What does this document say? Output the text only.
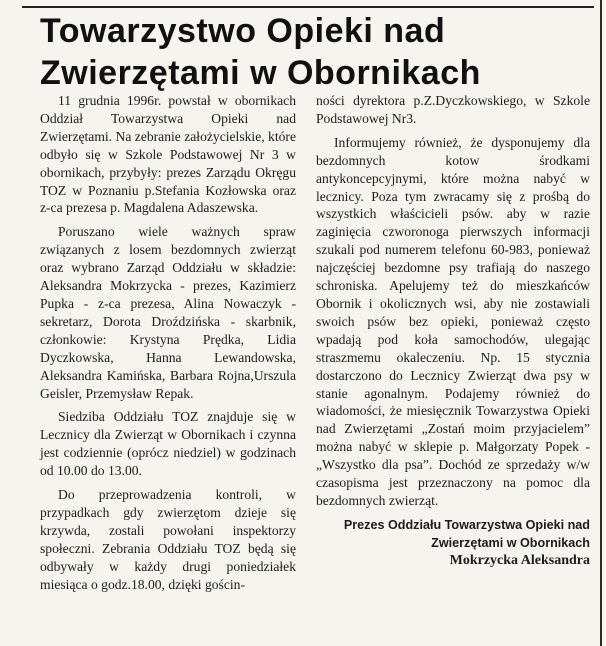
Towarzystwo Opieki nad Zwierzętami w Obornikach

11 grudnia 1996r. powstał w obornikach Oddział Towarzystwa Opieki nad Zwierzętami. Na zebranie założycielskie, które odbyło się w Szkole Podstawowej Nr 3 w obornikach, przybyły: prezes Zarządu Okręgu TOZ w Poznaniu p.Stefania Kozłowska oraz z-ca prezesa p. Magdalena Adaszewska.

Poruszano wiele ważnych spraw związanych z losem bezdomnych zwierząt oraz wybrano Zarząd Oddziału w składzie: Aleksandra Mokrzycka - prezes, Kazimierz Pupka - z-ca prezesa, Alina Nowaczyk - sekretarz, Dorota Droździńska - skarbnik, członkowie: Krystyna Prędka, Lidia Dyczkowska, Hanna Lewandowska, Aleksandra Kamińska, Barbara Rojna,Urszula Geisler, Przemysław Repak.

Siedziba Oddziału TOZ znajduje się w Lecznicy dla Zwierząt w Obornikach i czynna jest codziennie (oprócz niedziel) w godzinach od 10.00 do 13.00.

Do przeprowadzenia kontroli, w przypadkach gdy zwierzętom dzieje się krzywda, zostali powołani inspektorzy społeczni. Zebrania Oddziału TOZ będą się odbywały w każdy drugi poniedziałek miesiąca o godz.18.00, dzięki gościn-

ności dyrektora p.Z.Dyczkowskiego, w Szkole Podstawowej Nr3.

Informujemy również, że dysponujemy dla bezdomnych kotow środkami antykoncepcyjnymi, które można nabyć w lecznicy. Poza tym zwracamy się z prośbą do wszystkich właścicieli psów. aby w razie zaginięcia czworonoga pierwszych informacji szukali pod numerem telefonu 60-983, ponieważ najczęściej bezdomne psy trafiają do naszego schroniska. Apelujemy też do mieszkańców Obornik i okolicznych wsi, aby nie zostawiali swoich psów bez opieki, ponieważ często wpadają pod koła samochodów, ulegając straszmemu okaleczeniu. Np. 15 stycznia dostarczono do Lecznicy Zwierząt dwa psy w stanie agonalnym. Podajemy również do wiadomości, że miesięcznik Towarzystwa Opieki nad Zwierzętami „Zostań moim przyjacielem” można nabyć w sklepie p. Małgorzaty Popek - „Wszystko dla psa”. Dochód ze sprzedaży w/w czasopisma jest przeznaczony na pomoc dla bezdomnych zwierząt.

Prezes Oddziału Towarzystwa Opieki nad Zwierzętami w Obornikach
Mokrzycka Aleksandra
